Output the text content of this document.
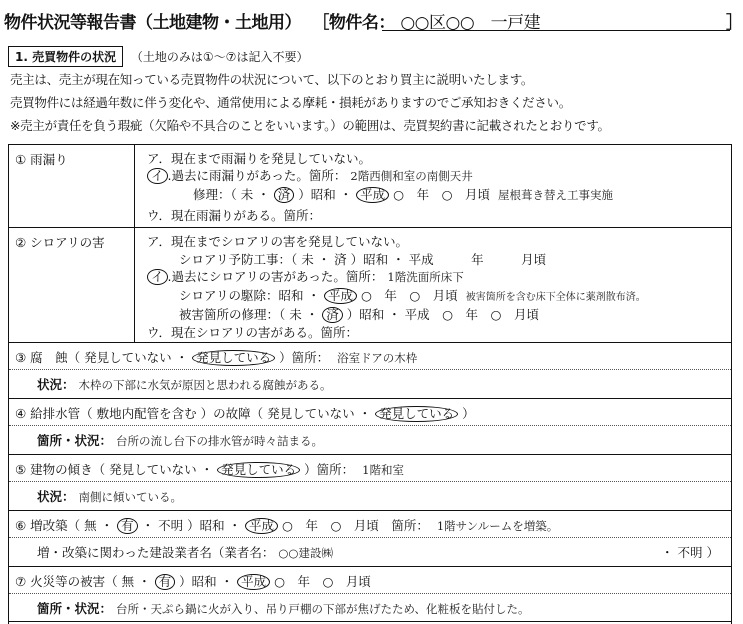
物件状況等報告書（土地建物・土地用） ［物件名： ○○区○○　一戸建	］
1. 売買物件の状況 （土地のみは①～⑦は記入不要）
売主は、売主が現在知っている売買物件の状況について、以下のとおり買主に説明いたします。
売買物件には経過年数に伴う変化や、通常使用による摩耗・損耗がありますのでご承知おきください。
※売主が責任を負う瑕疵（欠陥や不具合のことをいいます。）の範囲は、売買契約書に記載されたとおりです。
① 雨漏り	ア．現在まで雨漏りを発見していない。
イ .過去に雨漏りがあった。箇所： 2階西側和室の南側天井
修理：（ 未 ・ 済 ）昭和 ・ 平成 ○　年　○　月頃 屋根葺き替え工事実施
ウ．現在雨漏りがある。箇所：
② シロアリの害	ア．現在までシロアリの害を発見していない。
シロアリ予防工事：（ 未 ・ 済 ）昭和 ・ 平成　　　年　　　月頃
イ .過去にシロアリの害があった。箇所： 1階洗面所床下
シロアリの駆除：昭和 ・ 平成 ○　年　○　月頃 被害箇所を含む床下全体に薬剤散布済。
被害箇所の修理：（ 未 ・ 済 ）昭和 ・ 平成　○　年　○　月頃
ウ．現在シロアリの害がある。箇所：
③ 腐　蝕（ 発見していない ・ 発見している ）箇所： 浴室ドアの木枠
状況： 木枠の下部に水気が原因と思われる腐蝕がある。
④ 給排水管（ 敷地内配管を含む ）の故障（ 発見していない ・ 発見している ）
箇所・状況： 台所の流し台下の排水管が時々詰まる。
⑤ 建物の傾き（ 発見していない ・ 発見している ）箇所： 1階和室
状況： 南側に傾いている。
⑥ 増改築（ 無 ・ 有 ・ 不明 ）昭和 ・ 平成 ○　年　○　月頃　箇所： 1階サンルームを増築。
増・改築に関わった建設業者名（業者名： ○○建設㈱	・ 不明 ）
⑦ 火災等の被害（ 無 ・ 有 ）昭和 ・ 平成 ○　年　○　月頃
箇所・状況： 台所・天ぷら鍋に火が入り、吊り戸棚の下部が焦げたため、化粧板を貼付した。
